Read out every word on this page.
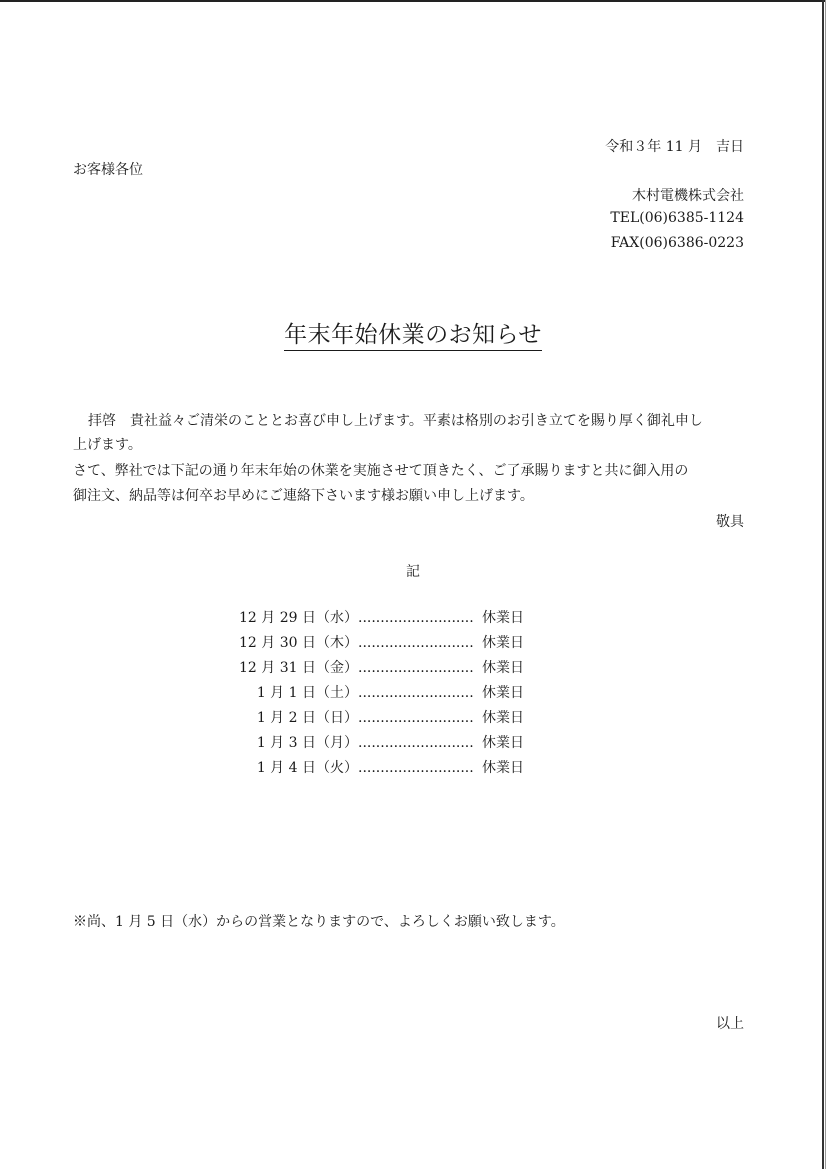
令和３年 11 月　吉日
お客様各位
木村電機株式会社
TEL(06)6385-1124
FAX(06)6386-0223
年末年始休業のお知らせ
拝啓　貴社益々ご清栄のこととお喜び申し上げます。平素は格別のお引き立てを賜り厚く御礼申し
上げます。
さて、弊社では下記の通り年末年始の休業を実施させて頂きたく、ご了承賜りますと共に御入用の
御注文、納品等は何卒お早めにご連絡下さいます様お願い申し上げます。
敬具
記
12 月 29 日（水） .......................... 休業日
12 月 30 日（木） .......................... 休業日
12 月 31 日（金） .......................... 休業日
1 月 1 日（土） .......................... 休業日
1 月 2 日（日） .......................... 休業日
1 月 3 日（月） .......................... 休業日
1 月 4 日（火） .......................... 休業日
※尚、1 月 5 日（水）からの営業となりますので、よろしくお願い致します。
以上
